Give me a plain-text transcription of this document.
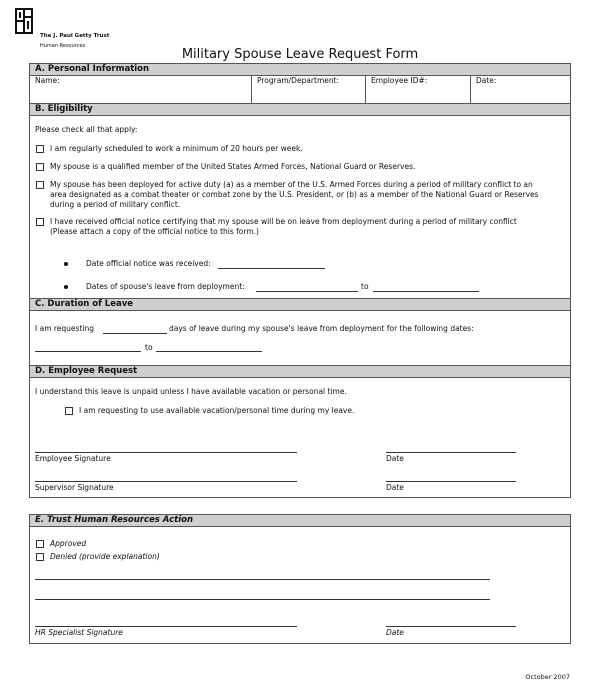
The J. Paul Getty Trust
Human Resources
Military Spouse Leave Request Form
A. Personal Information
Name:	Program/Department:	Employee ID#:	Date:
B. Eligibility
Please check all that apply:
I am regularly scheduled to work a minimum of 20 hours per week.
My spouse is a qualified member of the United States Armed Forces, National Guard or Reserves.
My spouse has been deployed for active duty (a) as a member of the U.S. Armed Forces during a period of military conflict to an
area designated as a combat theater or combat zone by the U.S. President, or (b) as a member of the National Guard or Reserves
during a period of military conflict.
I have received official notice certifying that my spouse will be on leave from deployment during a period of military conflict
(Please attach a copy of the official notice to this form.)
Date official notice was received:
Dates of spouse's leave from deployment:	to
C. Duration of Leave
I am requesting	days of leave during my spouse's leave from deployment for the following dates:
to
D. Employee Request
I understand this leave is unpaid unless I have available vacation or personal time.
I am requesting to use available vacation/personal time during my leave.
Employee Signature	Date
Supervisor Signature	Date
E. Trust Human Resources Action
Approved
Denied (provide explanation)
HR Specialist Signature	Date
October 2007
